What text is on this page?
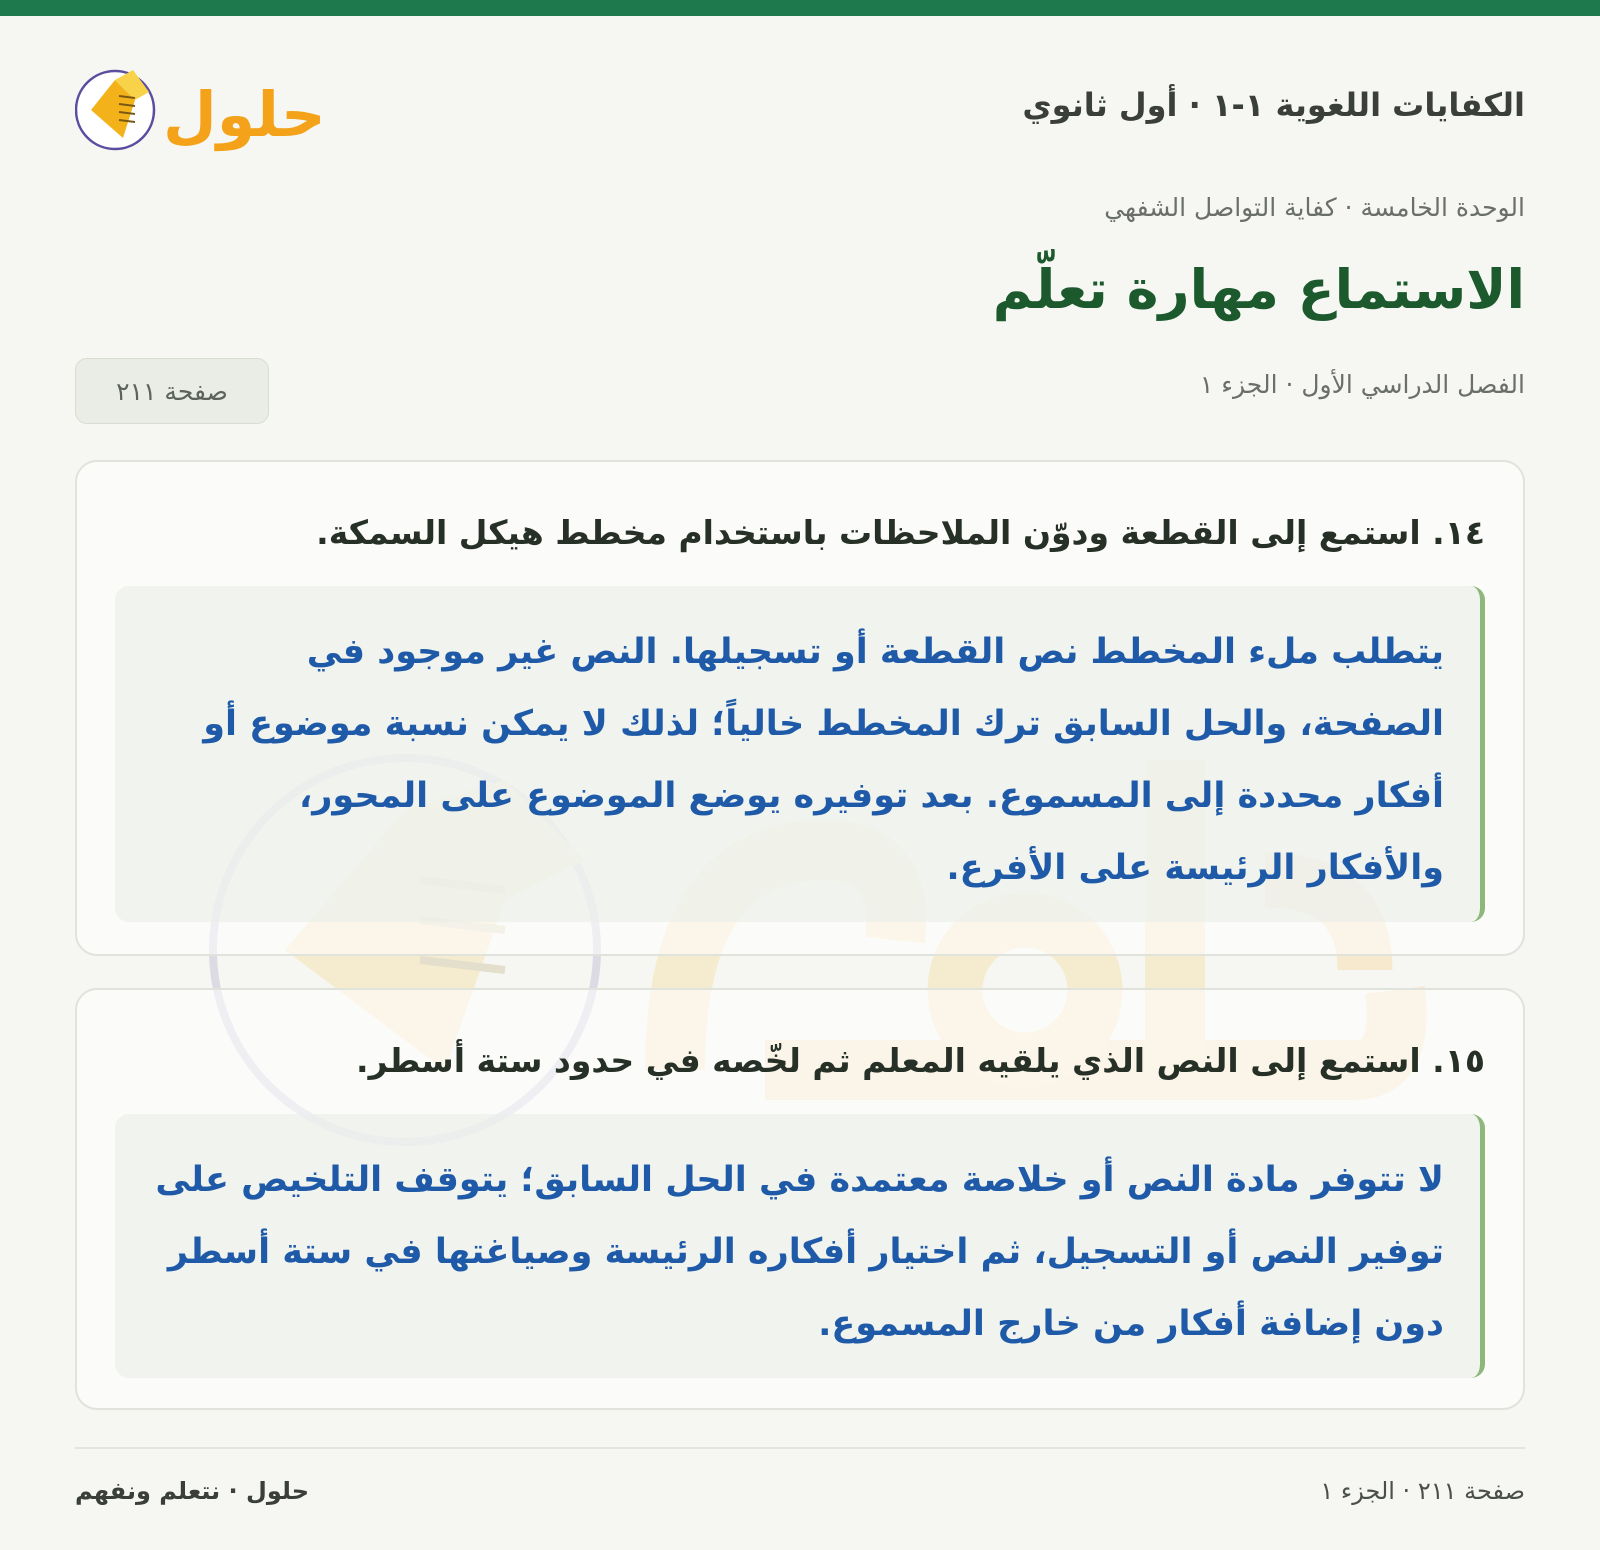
الكفايات اللغوية ١-١ · أول ثانوي
حلول
الوحدة الخامسة · كفاية التواصل الشفهي
الاستماع مهارة تعلّم
الفصل الدراسي الأول · الجزء ١
صفحة ٢١١
١٤. استمع إلى القطعة ودوّن الملاحظات باستخدام مخطط هيكل السمكة.
يتطلب ملء المخطط نص القطعة أو تسجيلها. النص غير موجود في الصفحة، والحل السابق ترك المخطط خالياً؛ لذلك لا يمكن نسبة موضوع أو أفكار محددة إلى المسموع. بعد توفيره يوضع الموضوع على المحور، والأفكار الرئيسة على الأفرع.
١٥. استمع إلى النص الذي يلقيه المعلم ثم لخّصه في حدود ستة أسطر.
لا تتوفر مادة النص أو خلاصة معتمدة في الحل السابق؛ يتوقف التلخيص على توفير النص أو التسجيل، ثم اختيار أفكاره الرئيسة وصياغتها في ستة أسطر دون إضافة أفكار من خارج المسموع.
صفحة ٢١١ · الجزء ١
حلول · نتعلم ونفهم
